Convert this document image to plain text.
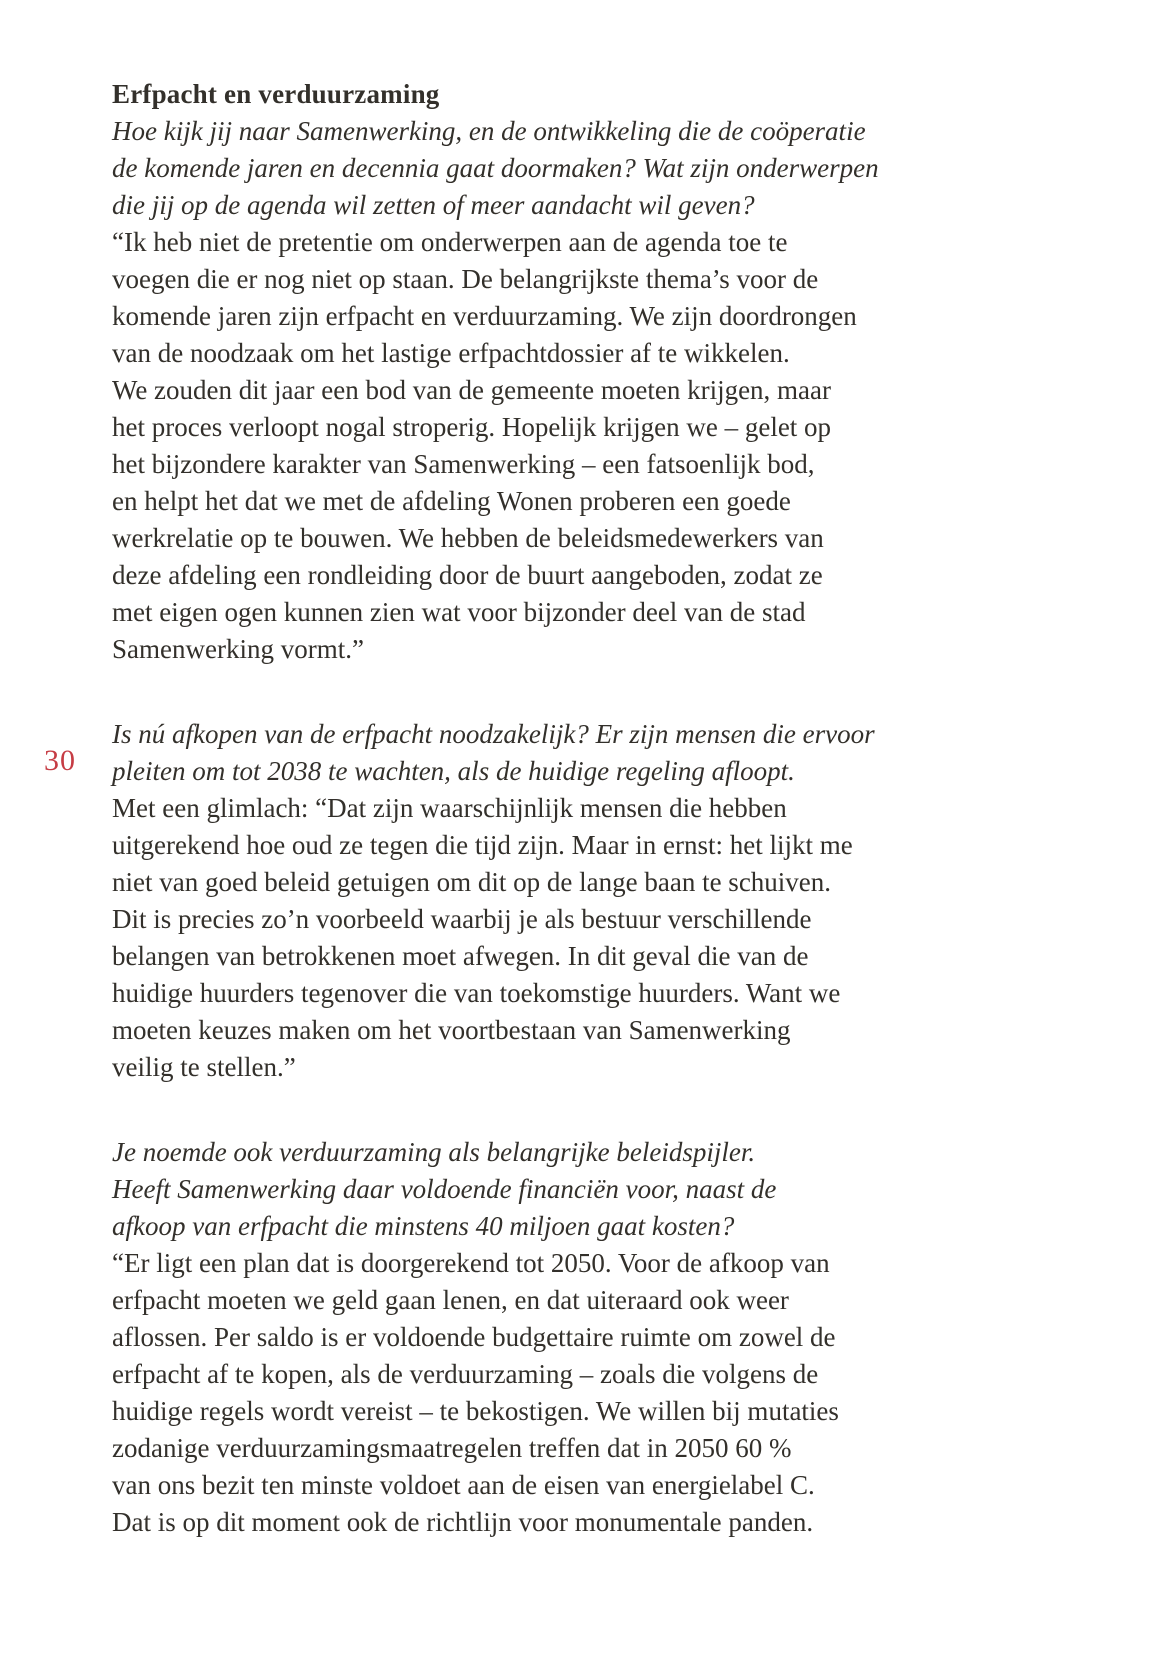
30
Erfpacht en verduurzaming
Hoe kijk jij naar Samenwerking, en de ontwikkeling die de coöperatie
de komende jaren en decennia gaat doormaken? Wat zijn onderwerpen
die jij op de agenda wil zetten of meer aandacht wil geven?
“Ik heb niet de pretentie om onderwerpen aan de agenda toe te
voegen die er nog niet op staan. De belangrijkste thema’s voor de
komende jaren zijn erfpacht en verduurzaming. We zijn doordrongen
van de noodzaak om het lastige erfpachtdossier af te wikkelen.
We zouden dit jaar een bod van de gemeente moeten krijgen, maar
het proces verloopt nogal stroperig. Hopelijk krijgen we – gelet op
het bijzondere karakter van Samenwerking – een fatsoenlijk bod,
en helpt het dat we met de afdeling Wonen proberen een goede
werkrelatie op te bouwen. We hebben de beleidsmedewerkers van
deze afdeling een rondleiding door de buurt aangeboden, zodat ze
met eigen ogen kunnen zien wat voor bijzonder deel van de stad
Samenwerking vormt.”
Is nú afkopen van de erfpacht noodzakelijk? Er zijn mensen die ervoor
pleiten om tot 2038 te wachten, als de huidige regeling afloopt.
Met een glimlach: “Dat zijn waarschijnlijk mensen die hebben
uitgerekend hoe oud ze tegen die tijd zijn. Maar in ernst: het lijkt me
niet van goed beleid getuigen om dit op de lange baan te schuiven.
Dit is precies zo’n voorbeeld waarbij je als bestuur verschillende
belangen van betrokkenen moet afwegen. In dit geval die van de
huidige huurders tegenover die van toekomstige huurders. Want we
moeten keuzes maken om het voortbestaan van Samenwerking
veilig te stellen.”
Je noemde ook verduurzaming als belangrijke beleidspijler.
Heeft Samenwerking daar voldoende financiën voor, naast de
afkoop van erfpacht die minstens 40 miljoen gaat kosten?
“Er ligt een plan dat is doorgerekend tot 2050. Voor de afkoop van
erfpacht moeten we geld gaan lenen, en dat uiteraard ook weer
aflossen. Per saldo is er voldoende budgettaire ruimte om zowel de
erfpacht af te kopen, als de verduurzaming – zoals die volgens de
huidige regels wordt vereist – te bekostigen. We willen bij mutaties
zodanige verduurzamingsmaatregelen treffen dat in 2050 60 %
van ons bezit ten minste voldoet aan de eisen van energielabel C.
Dat is op dit moment ook de richtlijn voor monumentale panden.
